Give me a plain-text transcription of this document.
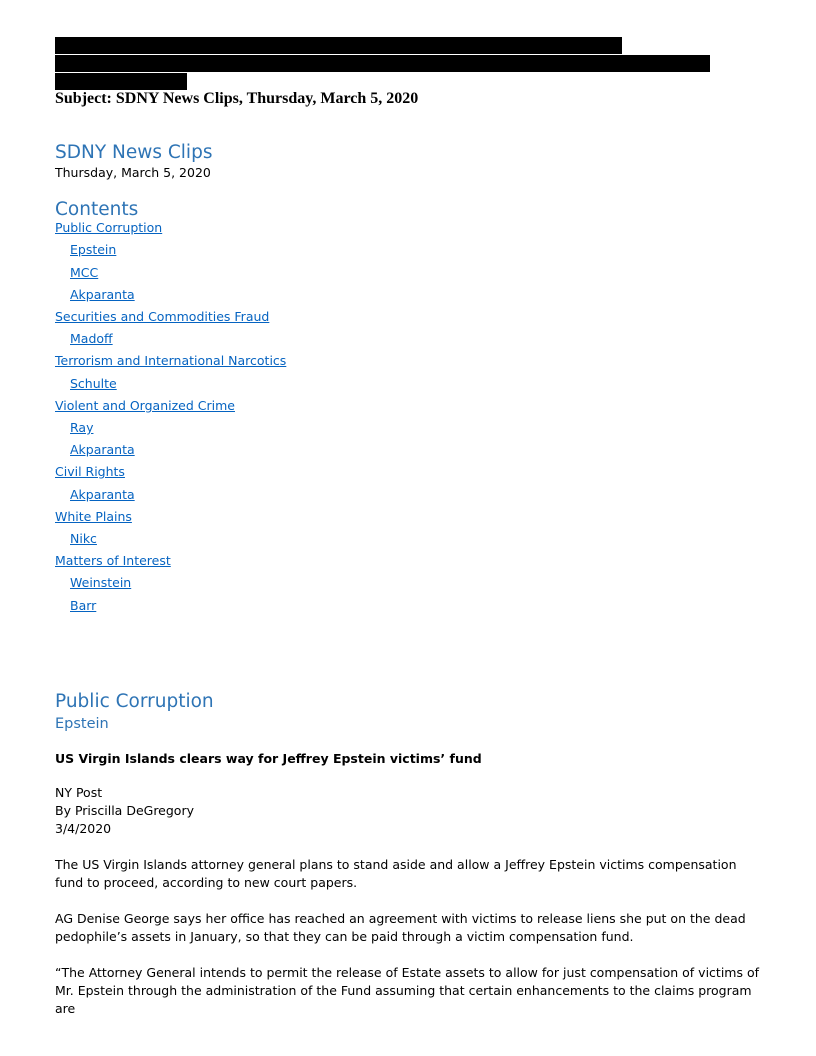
Subject: SDNY News Clips, Thursday, March 5, 2020
SDNY News Clips
Thursday, March 5, 2020
Contents
Public Corruption
Epstein
MCC
Akparanta
Securities and Commodities Fraud
Madoff
Terrorism and International Narcotics
Schulte
Violent and Organized Crime
Ray
Akparanta
Civil Rights
Akparanta
White Plains
Nikc
Matters of Interest
Weinstein
Barr
Public Corruption
Epstein
US Virgin Islands clears way for Jeffrey Epstein victims’ fund
NY Post
By Priscilla DeGregory
3/4/2020
The US Virgin Islands attorney general plans to stand aside and allow a Jeffrey Epstein victims compensation fund to proceed, according to new court papers.
AG Denise George says her office has reached an agreement with victims to release liens she put on the dead pedophile’s assets in January, so that they can be paid through a victim compensation fund.
“The Attorney General intends to permit the release of Estate assets to allow for just compensation of victims of Mr. Epstein through the administration of the Fund assuming that certain enhancements to the claims program are
